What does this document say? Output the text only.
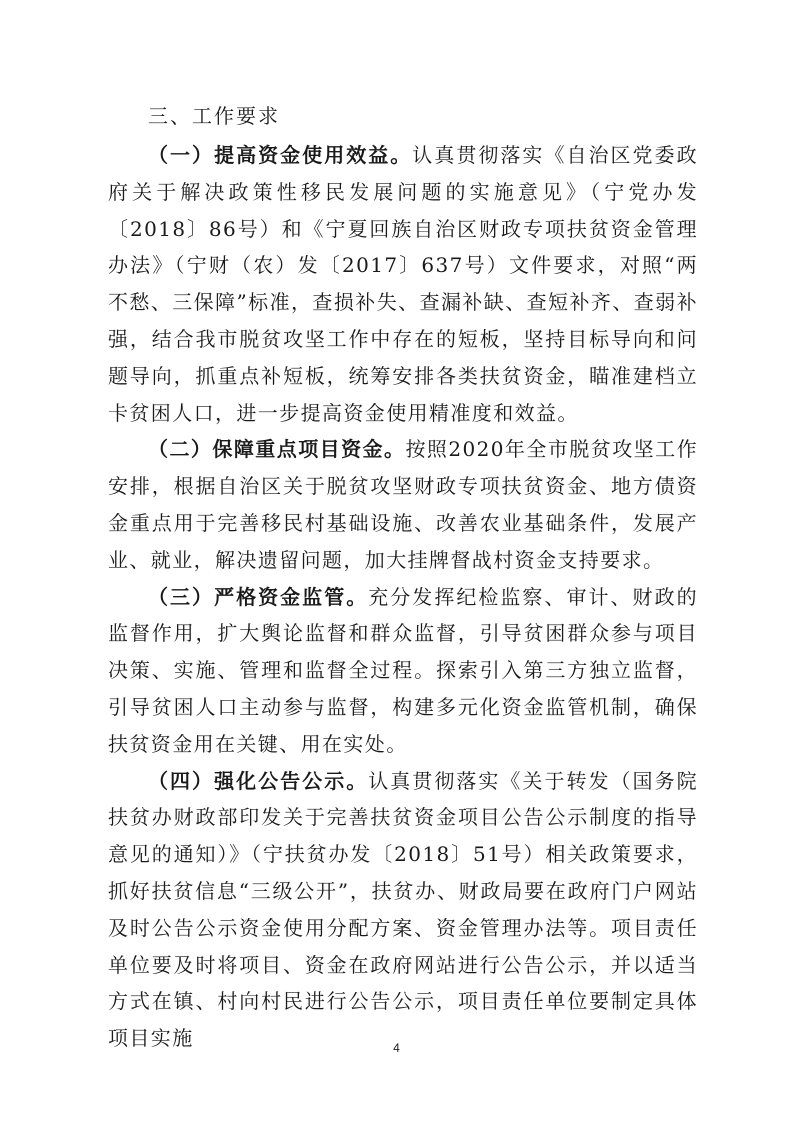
三、工作要求

（一）提高资金使用效益。认真贯彻落实《自治区党委政府关于解决政策性移民发展问题的实施意见》（宁党办发〔2018〕86号）和《宁夏回族自治区财政专项扶贫资金管理办法》（宁财（农）发〔2017〕637号）文件要求，对照“两不愁、三保障”标准，查损补失、查漏补缺、查短补齐、查弱补强，结合我市脱贫攻坚工作中存在的短板，坚持目标导向和问题导向，抓重点补短板，统筹安排各类扶贫资金，瞄准建档立卡贫困人口，进一步提高资金使用精准度和效益。

（二）保障重点项目资金。按照2020年全市脱贫攻坚工作安排，根据自治区关于脱贫攻坚财政专项扶贫资金、地方债资金重点用于完善移民村基础设施、改善农业基础条件，发展产业、就业，解决遗留问题，加大挂牌督战村资金支持要求。

（三）严格资金监管。充分发挥纪检监察、审计、财政的监督作用，扩大舆论监督和群众监督，引导贫困群众参与项目决策、实施、管理和监督全过程。探索引入第三方独立监督，引导贫困人口主动参与监督，构建多元化资金监管机制，确保扶贫资金用在关键、用在实处。

（四）强化公告公示。认真贯彻落实《关于转发（国务院扶贫办财政部印发关于完善扶贫资金项目公告公示制度的指导意见的通知）》（宁扶贫办发〔2018〕51号）相关政策要求，抓好扶贫信息“三级公开”，扶贫办、财政局要在政府门户网站及时公告公示资金使用分配方案、资金管理办法等。项目责任单位要及时将项目、资金在政府网站进行公告公示，并以适当方式在镇、村向村民进行公告公示，项目责任单位要制定具体项目实施	4
